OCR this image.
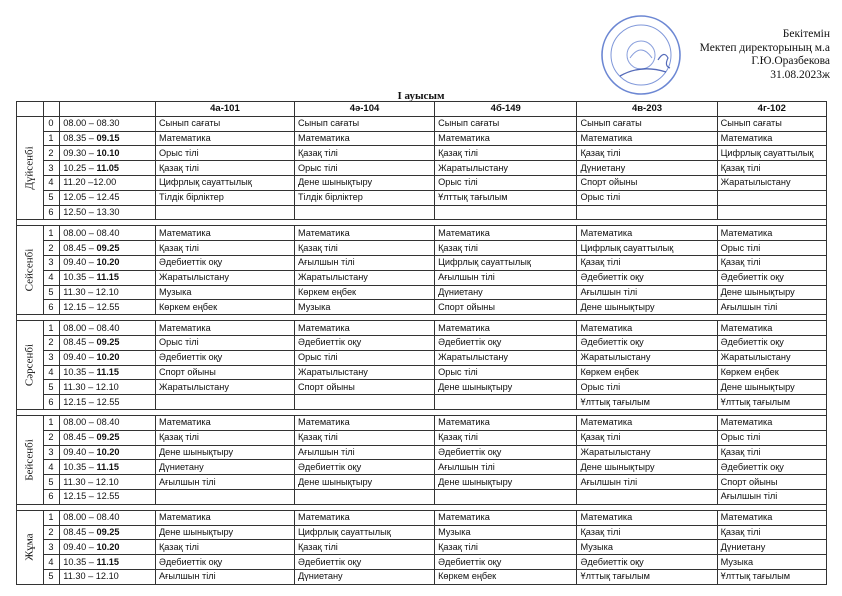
Бекітемін
Мектеп директорының м.а
Г.Ю.Оразбекова
31.08.2023ж
I ауысым
			4а-101	4ә-104	4б-149	4в-203	4г-102

Дүйсенбі	0	08.00 – 08.30	Сынып сағаты	Сынып сағаты	Сынып сағаты	Сынып сағаты	Сынып сағаты
	1	08.35 – 09.15	Математика	Математика	Математика	Математика	Математика
	2	09.30 – 10.10	Орыс тілі	Қазақ тілі	Қазақ тілі	Қазақ тілі	Цифрлық сауаттылық
	3	10.25 – 11.05	Қазақ тілі	Орыс тілі	Жаратылыстану	Дүниетану	Қазақ тілі
	4	11.20 –12.00	Цифрлық сауаттылық	Дене шынықтыру	Орыс тілі	Спорт ойыны	Жаратылыстану
	5	12.05 – 12.45	Тілдік бірліктер	Тілдік бірліктер	Ұлттық тағылым	Орыс тілі	
	6	12.50 – 13.30					

Сейсенбі	1	08.00 – 08.40	Математика	Математика	Математика	Математика	Математика
	2	08.45 – 09.25	Қазақ тілі	Қазақ тілі	Қазақ тілі	Цифрлық сауаттылық	Орыс тілі
	3	09.40 – 10.20	Әдебиеттік оқу	Ағылшын тілі	Цифрлық сауаттылық	Қазақ тілі	Қазақ тілі
	4	10.35 – 11.15	Жаратылыстану	Жаратылыстану	Ағылшын тілі	Әдебиеттік оқу	Әдебиеттік оқу
	5	11.30 – 12.10	Музыка	Көркем еңбек	Дүниетану	Ағылшын тілі	Дене шынықтыру
	6	12.15 – 12.55	Көркем еңбек	Музыка	Спорт ойыны	Дене шынықтыру	Ағылшын тілі

Сәрсенбі	1	08.00 – 08.40	Математика	Математика	Математика	Математика	Математика
	2	08.45 – 09.25	Орыс тілі	Әдебиеттік оқу	Әдебиеттік оқу	Әдебиеттік оқу	Әдебиеттік оқу
	3	09.40 – 10.20	Әдебиеттік оқу	Орыс тілі	Жаратылыстану	Жаратылыстану	Жаратылыстану
	4	10.35 – 11.15	Спорт ойыны	Жаратылыстану	Орыс тілі	Көркем еңбек	Көркем еңбек
	5	11.30 – 12.10	Жаратылыстану	Спорт ойыны	Дене шынықтыру	Орыс тілі	Дене шынықтыру
	6	12.15 – 12.55				Ұлттық тағылым	Ұлттық тағылым

Бейсенбі	1	08.00 – 08.40	Математика	Математика	Математика	Математика	Математика
	2	08.45 – 09.25	Қазақ тілі	Қазақ тілі	Қазақ тілі	Қазақ тілі	Орыс тілі
	3	09.40 – 10.20	Дене шынықтыру	Ағылшын тілі	Әдебиеттік оқу	Жаратылыстану	Қазақ тілі
	4	10.35 – 11.15	Дүниетану	Әдебиеттік оқу	Ағылшын тілі	Дене шынықтыру	Әдебиеттік оқу
	5	11.30 – 12.10	Ағылшын тілі	Дене шынықтыру	Дене шынықтыру	Ағылшын тілі	Спорт ойыны
	6	12.15 – 12.55					Ағылшын тілі

Жұма	1	08.00 – 08.40	Математика	Математика	Математика	Математика	Математика
	2	08.45 – 09.25	Дене шынықтыру	Цифрлық сауаттылық	Музыка	Қазақ тілі	Қазақ тілі
	3	09.40 – 10.20	Қазақ тілі	Қазақ тілі	Қазақ тілі	Музыка	Дүниетану
	4	10.35 – 11.15	Әдебиеттік оқу	Әдебиеттік оқу	Әдебиеттік оқу	Әдебиеттік оқу	Музыка
	5	11.30 – 12.10	Ағылшын тілі	Дүниетану	Көркем еңбек	Ұлттық тағылым	Ұлттық тағылым
